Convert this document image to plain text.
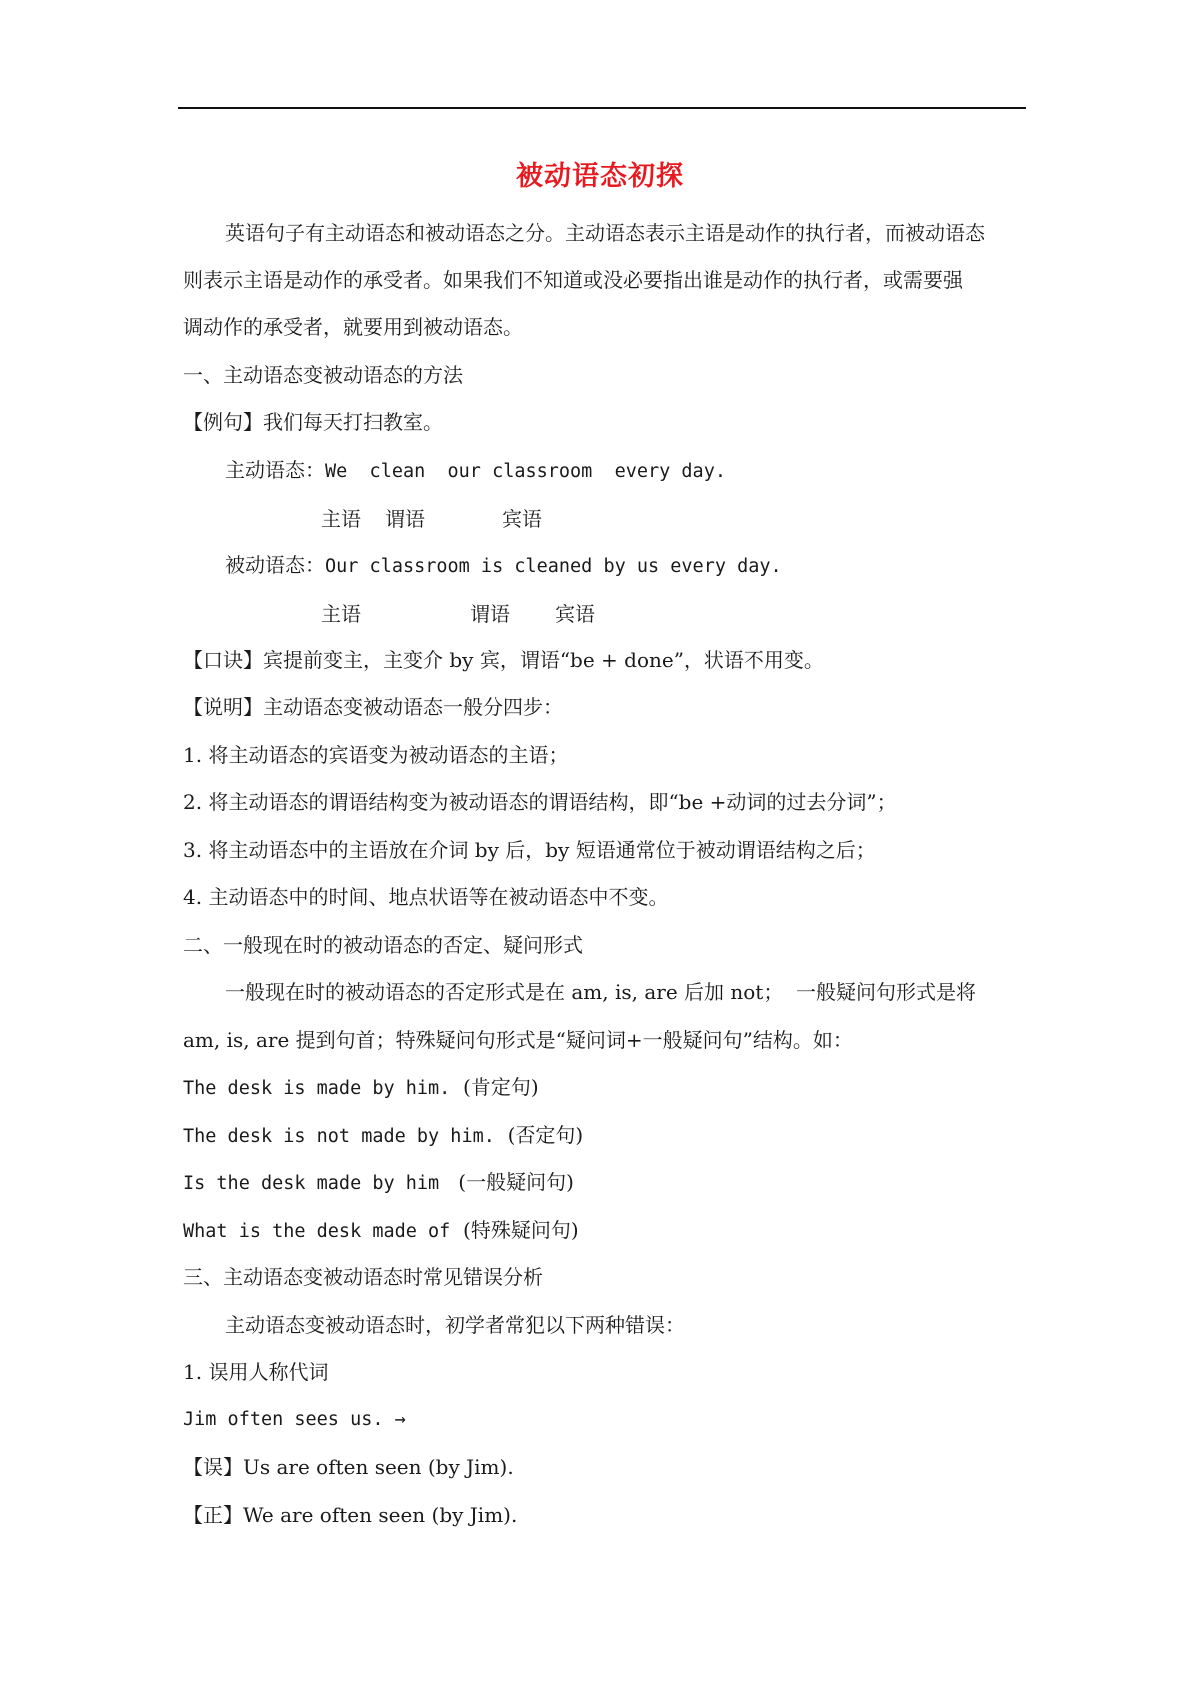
被动语态初探
英语句子有主动语态和被动语态之分。主动语态表示主语是动作的执行者，而被动语态
则表示主语是动作的承受者。如果我们不知道或没必要指出谁是动作的执行者，或需要强
调动作的承受者，就要用到被动语态。
一、主动语态变被动语态的方法
【例句】我们每天打扫教室。
主动语态：We  clean  our classroom  every day.
主语 谓语	宾语
被动语态：Our classroom is cleaned by us every day.
主语	谓语 宾语
【口诀】宾提前变主，主变介 by 宾，谓语“be + done”，状语不用变。
【说明】主动语态变被动语态一般分四步：
1. 将主动语态的宾语变为被动语态的主语；
2. 将主动语态的谓语结构变为被动语态的谓语结构，即“be +动词的过去分词”；
3. 将主动语态中的主语放在介词 by 后，by 短语通常位于被动谓语结构之后；
4. 主动语态中的时间、地点状语等在被动语态中不变。
二、一般现在时的被动语态的否定、疑问形式
一般现在时的被动语态的否定形式是在 am, is, are 后加 not；  一般疑问句形式是将
am, is, are 提到句首；特殊疑问句形式是“疑问词+一般疑问句”结构。如：
The desk is made by him. (肯定句)
The desk is not made by him. (否定句)
Is the desk made by him (一般疑问句)
What is the desk made of (特殊疑问句)
三、主动语态变被动语态时常见错误分析
主动语态变被动语态时，初学者常犯以下两种错误：
1. 误用人称代词
Jim often sees us. →
【误】Us are often seen (by Jim).
【正】We are often seen (by Jim).
